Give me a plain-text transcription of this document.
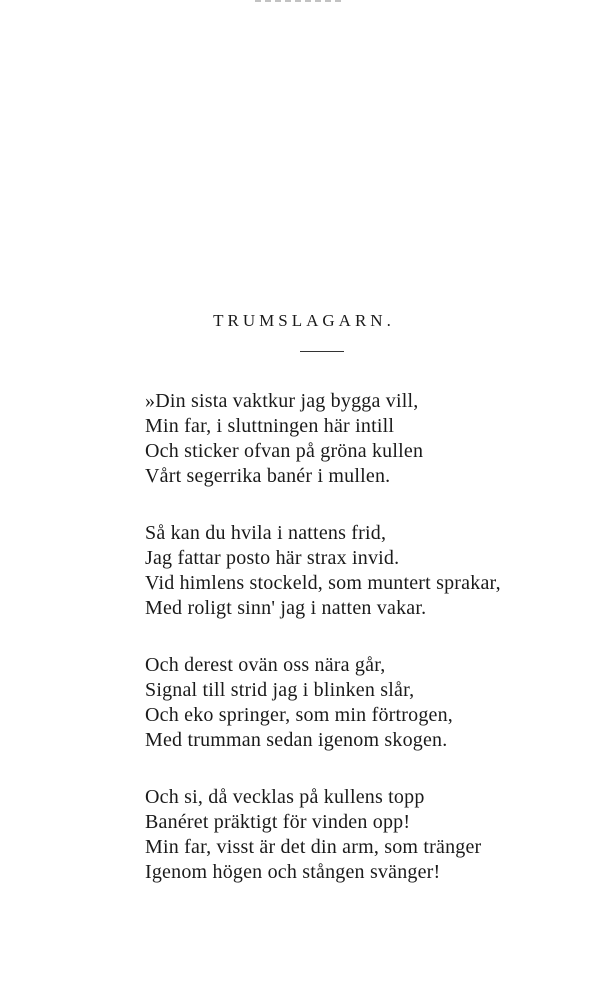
TRUMSLAGARN.
»Din sista vaktkur jag bygga vill,
Min far, i sluttningen här intill
Och sticker ofvan på gröna kullen
Vårt segerrika banér i mullen.
Så kan du hvila i nattens frid,
Jag fattar posto här strax invid.
Vid himlens stockeld, som muntert sprakar,
Med roligt sinn' jag i natten vakar.
Och derest ovän oss nära går,
Signal till strid jag i blinken slår,
Och eko springer, som min förtrogen,
Med trumman sedan igenom skogen.
Och si, då vecklas på kullens topp
Banéret präktigt för vinden opp!
Min far, visst är det din arm, som tränger
Igenom högen och stången svänger!
